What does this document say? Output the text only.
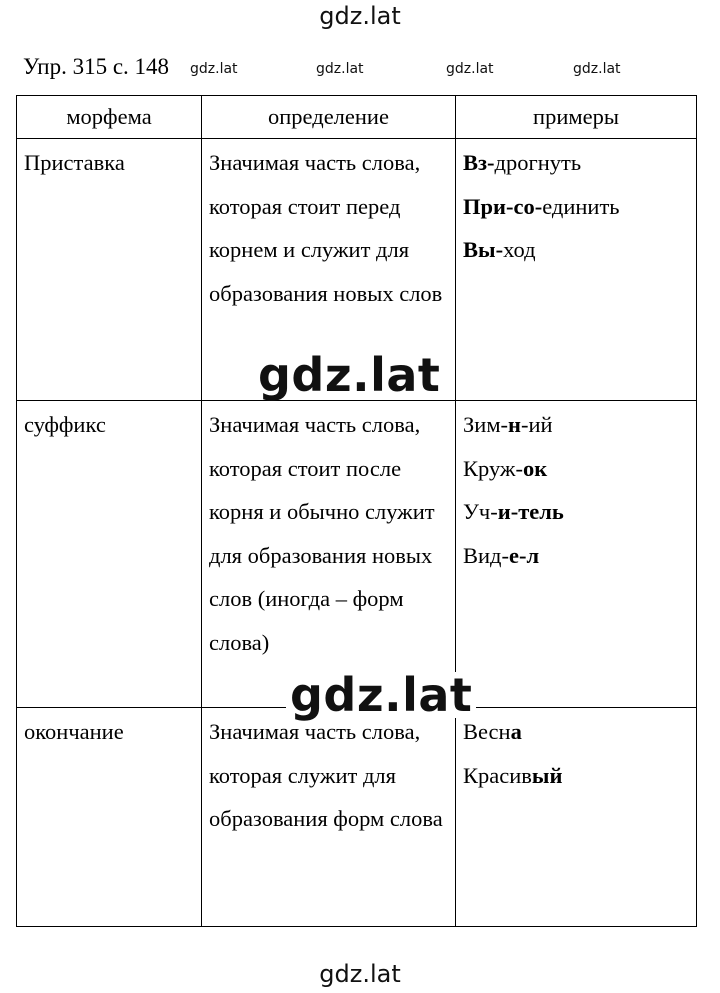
gdz.lat
Упр. 315 с. 148 gdz.lat	gdz.lat	gdz.lat	gdz.lat
морфема	определение	примеры
Приставка	Значимая часть слова, которая стоит перед корнем и служит для образования новых слов	Вз-дрогнуть
При-со-единить
Вы-ход

суффикс	Значимая часть слова, которая стоит после корня и обычно служит для образования новых слов (иногда – форм слова)	Зим-н-ий
Круж-ок
Уч-и-тель
Вид-е-л

окончание	Значимая часть слова, которая служит для образования форм слова	Весна
Красивый
gdz.lat
gdz.lat
gdz.lat
